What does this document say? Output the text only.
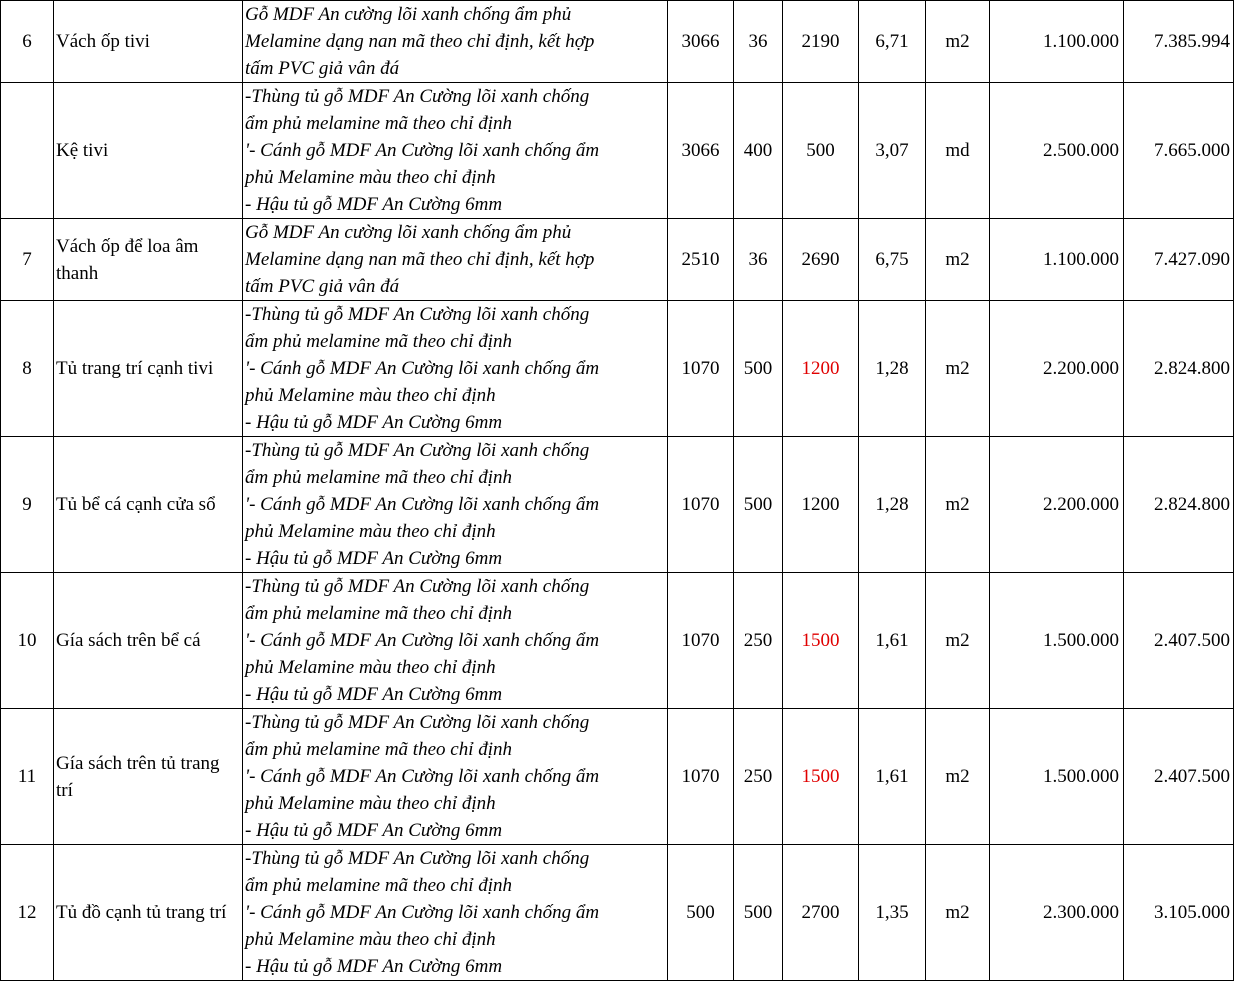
6	Vách ốp tivi	Gỗ MDF An cường lõi xanh chống ẩm phủ
Melamine dạng nan mã theo chỉ định, kết hợp
tấm PVC giả vân đá	3066	36	2190	6,71	m2	1.100.000	7.385.994
	Kệ tivi	-Thùng tủ gỗ MDF An Cường lõi xanh chống
ẩm phủ melamine mã theo chỉ định
'- Cánh gỗ MDF An Cường lõi xanh chống ẩm
phủ Melamine màu theo chỉ định
- Hậu tủ gỗ MDF An Cường 6mm	3066	400	500	3,07	md	2.500.000	7.665.000
7	Vách ốp để loa âm thanh	Gỗ MDF An cường lõi xanh chống ẩm phủ
Melamine dạng nan mã theo chỉ định, kết hợp
tấm PVC giả vân đá	2510	36	2690	6,75	m2	1.100.000	7.427.090
8	Tủ trang trí cạnh tivi	-Thùng tủ gỗ MDF An Cường lõi xanh chống
ẩm phủ melamine mã theo chỉ định
'- Cánh gỗ MDF An Cường lõi xanh chống ẩm
phủ Melamine màu theo chỉ định
- Hậu tủ gỗ MDF An Cường 6mm	1070	500	1200	1,28	m2	2.200.000	2.824.800
9	Tủ bể cá cạnh cửa sổ	-Thùng tủ gỗ MDF An Cường lõi xanh chống
ẩm phủ melamine mã theo chỉ định
'- Cánh gỗ MDF An Cường lõi xanh chống ẩm
phủ Melamine màu theo chỉ định
- Hậu tủ gỗ MDF An Cường 6mm	1070	500	1200	1,28	m2	2.200.000	2.824.800
10	Gía sách trên bể cá	-Thùng tủ gỗ MDF An Cường lõi xanh chống
ẩm phủ melamine mã theo chỉ định
'- Cánh gỗ MDF An Cường lõi xanh chống ẩm
phủ Melamine màu theo chỉ định
- Hậu tủ gỗ MDF An Cường 6mm	1070	250	1500	1,61	m2	1.500.000	2.407.500
11	Gía sách trên tủ trang trí	-Thùng tủ gỗ MDF An Cường lõi xanh chống
ẩm phủ melamine mã theo chỉ định
'- Cánh gỗ MDF An Cường lõi xanh chống ẩm
phủ Melamine màu theo chỉ định
- Hậu tủ gỗ MDF An Cường 6mm	1070	250	1500	1,61	m2	1.500.000	2.407.500
12	Tủ đồ cạnh tủ trang trí	-Thùng tủ gỗ MDF An Cường lõi xanh chống
ẩm phủ melamine mã theo chỉ định
'- Cánh gỗ MDF An Cường lõi xanh chống ẩm
phủ Melamine màu theo chỉ định
- Hậu tủ gỗ MDF An Cường 6mm	500	500	2700	1,35	m2	2.300.000	3.105.000
